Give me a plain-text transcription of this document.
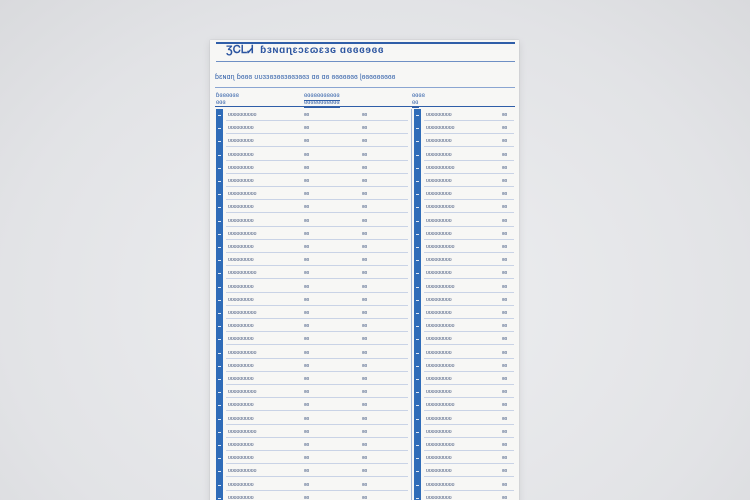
ƷᏟᏞᏗ ɓɜɴɑɳɛɔɛɷɛɜɢ ɑɞɞɞɘɞɞ
ɓɛɴɑɳ ɓɞɞɞ ʊʊɜɜɞɜɞɞɜɞɞɜɞɞɜ ɑɞ ɑɞ ɞɞɞɞɞɞɞ ɭɞɞɞɞɞɞɞɞɞ
ɓɞɞɞɞɞɞ	ɞɞɞɞɞɞɞɞɞɞɞ
ɞɞɞ	ɞɞɞɞɞɞɞɞɞɞɞ
ɞɞɞɞ
ɞɞ
ʊʊʊʊʊʊʊʊʊʊ	ɞɞ	ɞɞ
ʊʊʊʊʊʊʊʊʊ	ɞɞ	ɞɞ
ʊʊʊʊʊʊʊʊʊ	ɞɞ	ɞɞ
ʊʊʊʊʊʊʊʊʊ	ɞɞ	ɞɞ
ʊʊʊʊʊʊʊʊʊ	ɞɞ	ɞɞ
ʊʊʊʊʊʊʊʊʊ	ɞɞ	ɞɞ
ʊʊʊʊʊʊʊʊʊʊ	ɞɞ	ɞɞ
ʊʊʊʊʊʊʊʊʊ	ɞɞ	ɞɞ
ʊʊʊʊʊʊʊʊʊ	ɞɞ	ɞɞ
ʊʊʊʊʊʊʊʊʊʊ	ɞɞ	ɞɞ
ʊʊʊʊʊʊʊʊʊ	ɞɞ	ɞɞ
ʊʊʊʊʊʊʊʊʊ	ɞɞ	ɞɞ
ʊʊʊʊʊʊʊʊʊʊ	ɞɞ	ɞɞ
ʊʊʊʊʊʊʊʊʊ	ɞɞ	ɞɞ
ʊʊʊʊʊʊʊʊʊ	ɞɞ	ɞɞ
ʊʊʊʊʊʊʊʊʊʊ	ɞɞ	ɞɞ
ʊʊʊʊʊʊʊʊʊ	ɞɞ	ɞɞ
ʊʊʊʊʊʊʊʊʊ	ɞɞ	ɞɞ
ʊʊʊʊʊʊʊʊʊʊ	ɞɞ	ɞɞ
ʊʊʊʊʊʊʊʊʊ	ɞɞ	ɞɞ
ʊʊʊʊʊʊʊʊʊ	ɞɞ	ɞɞ
ʊʊʊʊʊʊʊʊʊʊ	ɞɞ	ɞɞ
ʊʊʊʊʊʊʊʊʊ	ɞɞ	ɞɞ
ʊʊʊʊʊʊʊʊʊ	ɞɞ	ɞɞ
ʊʊʊʊʊʊʊʊʊʊ	ɞɞ	ɞɞ
ʊʊʊʊʊʊʊʊʊ	ɞɞ	ɞɞ
ʊʊʊʊʊʊʊʊʊ	ɞɞ	ɞɞ
ʊʊʊʊʊʊʊʊʊʊ	ɞɞ	ɞɞ
ʊʊʊʊʊʊʊʊʊ	ɞɞ	ɞɞ
ʊʊʊʊʊʊʊʊʊ	ɞɞ	ɞɞ
ʊʊʊʊʊʊʊʊʊ	ɞɞ
ʊʊʊʊʊʊʊʊʊʊ	ɞɞ
ʊʊʊʊʊʊʊʊʊ	ɞɞ
ʊʊʊʊʊʊʊʊʊ	ɞɞ
ʊʊʊʊʊʊʊʊʊʊ	ɞɞ
ʊʊʊʊʊʊʊʊʊ	ɞɞ
ʊʊʊʊʊʊʊʊʊ	ɞɞ
ʊʊʊʊʊʊʊʊʊʊ	ɞɞ
ʊʊʊʊʊʊʊʊʊ	ɞɞ
ʊʊʊʊʊʊʊʊʊ	ɞɞ
ʊʊʊʊʊʊʊʊʊʊ	ɞɞ
ʊʊʊʊʊʊʊʊʊ	ɞɞ
ʊʊʊʊʊʊʊʊʊ	ɞɞ
ʊʊʊʊʊʊʊʊʊʊ	ɞɞ
ʊʊʊʊʊʊʊʊʊ	ɞɞ
ʊʊʊʊʊʊʊʊʊ	ɞɞ
ʊʊʊʊʊʊʊʊʊʊ	ɞɞ
ʊʊʊʊʊʊʊʊʊ	ɞɞ
ʊʊʊʊʊʊʊʊʊ	ɞɞ
ʊʊʊʊʊʊʊʊʊʊ	ɞɞ
ʊʊʊʊʊʊʊʊʊ	ɞɞ
ʊʊʊʊʊʊʊʊʊ	ɞɞ
ʊʊʊʊʊʊʊʊʊʊ	ɞɞ
ʊʊʊʊʊʊʊʊʊ	ɞɞ
ʊʊʊʊʊʊʊʊʊ	ɞɞ
ʊʊʊʊʊʊʊʊʊʊ	ɞɞ
ʊʊʊʊʊʊʊʊʊ	ɞɞ
ʊʊʊʊʊʊʊʊʊ	ɞɞ
ʊʊʊʊʊʊʊʊʊʊ	ɞɞ
ʊʊʊʊʊʊʊʊʊ	ɞɞ
